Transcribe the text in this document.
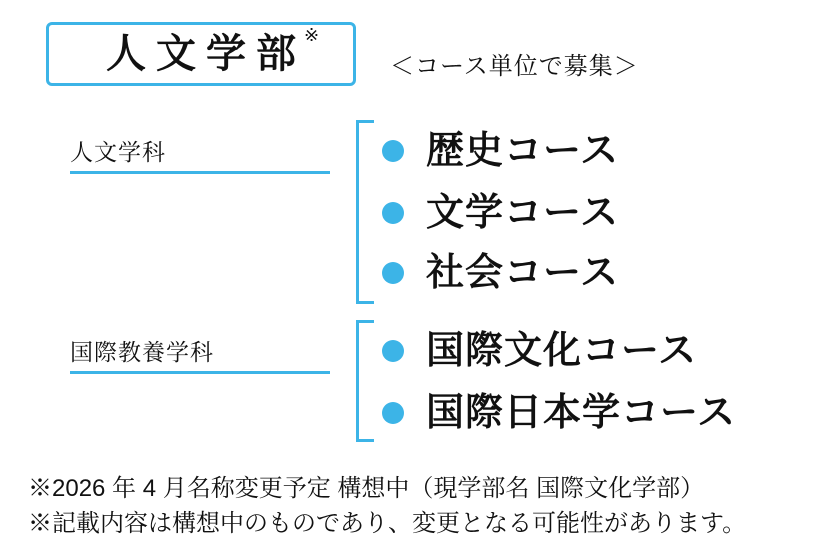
人文学部
※
＜コース単位で募集＞
人文学科	歴史コース
文学コース
社会コース
国際教養学科	国際文化コース
国際日本学コース
※2026 年 4 月名称変更予定 構想中（現学部名 国際文化学部）
※記載内容は構想中のものであり、変更となる可能性があります。
